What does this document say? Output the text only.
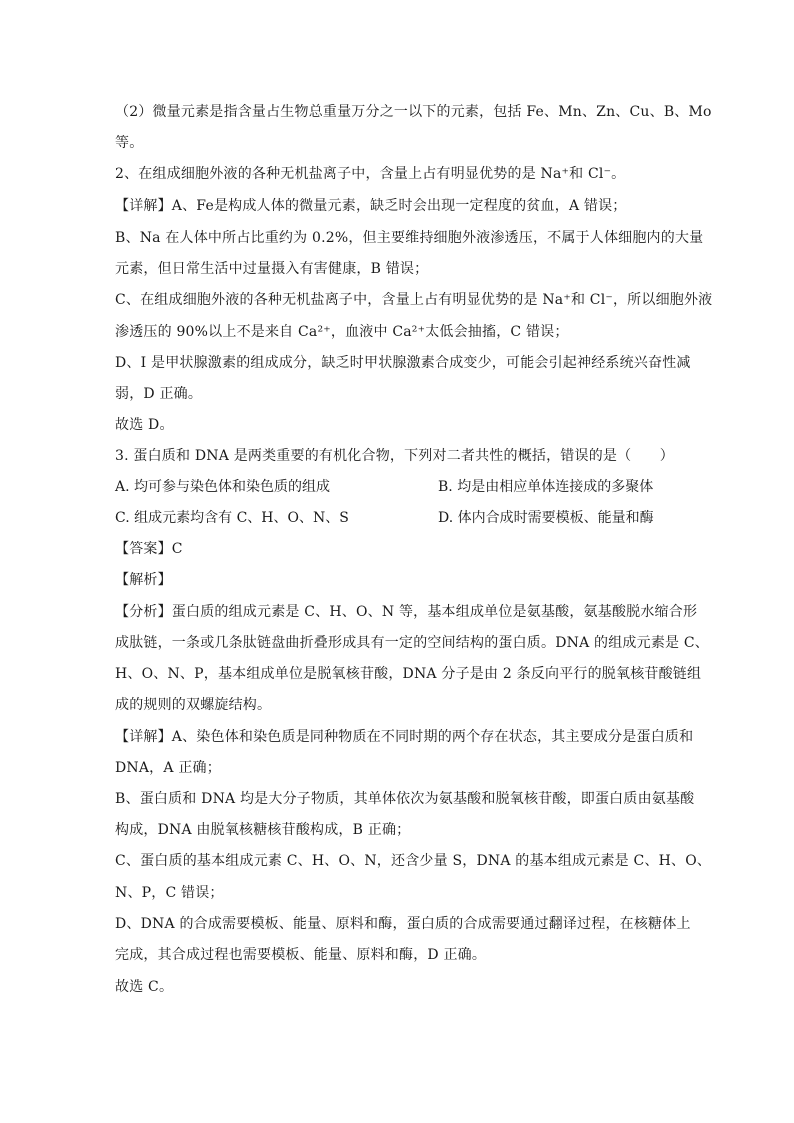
（2）微量元素是指含量占生物总重量万分之一以下的元素，包括 Fe、Mn、Zn、Cu、B、Mo
等。
2、在组成细胞外液的各种无机盐离子中，含量上占有明显优势的是 Na⁺和 Cl⁻。
【详解】A、Fe是构成人体的微量元素，缺乏时会出现一定程度的贫血，A 错误；
B、Na 在人体中所占比重约为 0.2%，但主要维持细胞外液渗透压，不属于人体细胞内的大量
元素，但日常生活中过量摄入有害健康，B 错误；
C、在组成细胞外液的各种无机盐离子中，含量上占有明显优势的是 Na⁺和 Cl⁻，所以细胞外液
渗透压的 90%以上不是来自 Ca²⁺，血液中 Ca²⁺太低会抽搐，C 错误；
D、I 是甲状腺激素的组成成分，缺乏时甲状腺激素合成变少，可能会引起神经系统兴奋性减
弱，D 正确。
故选 D。
3. 蛋白质和 DNA 是两类重要的有机化合物，下列对二者共性的概括，错误的是（　　）
A. 均可参与染色体和染色质的组成	B. 均是由相应单体连接成的多聚体
C. 组成元素均含有 C、H、O、N、S	D. 体内合成时需要模板、能量和酶
【答案】C
【解析】
【分析】蛋白质的组成元素是 C、H、O、N 等，基本组成单位是氨基酸，氨基酸脱水缩合形
成肽链，一条或几条肽链盘曲折叠形成具有一定的空间结构的蛋白质。DNA 的组成元素是 C、
H、O、N、P，基本组成单位是脱氧核苷酸，DNA 分子是由 2 条反向平行的脱氧核苷酸链组
成的规则的双螺旋结构。
【详解】A、染色体和染色质是同种物质在不同时期的两个存在状态，其主要成分是蛋白质和
DNA，A 正确；
B、蛋白质和 DNA 均是大分子物质，其单体依次为氨基酸和脱氧核苷酸，即蛋白质由氨基酸
构成，DNA 由脱氧核糖核苷酸构成，B 正确；
C、蛋白质的基本组成元素 C、H、O、N，还含少量 S，DNA 的基本组成元素是 C、H、O、
N、P，C 错误；
D、DNA 的合成需要模板、能量、原料和酶，蛋白质的合成需要通过翻译过程，在核糖体上
完成，其合成过程也需要模板、能量、原料和酶，D 正确。
故选 C。
